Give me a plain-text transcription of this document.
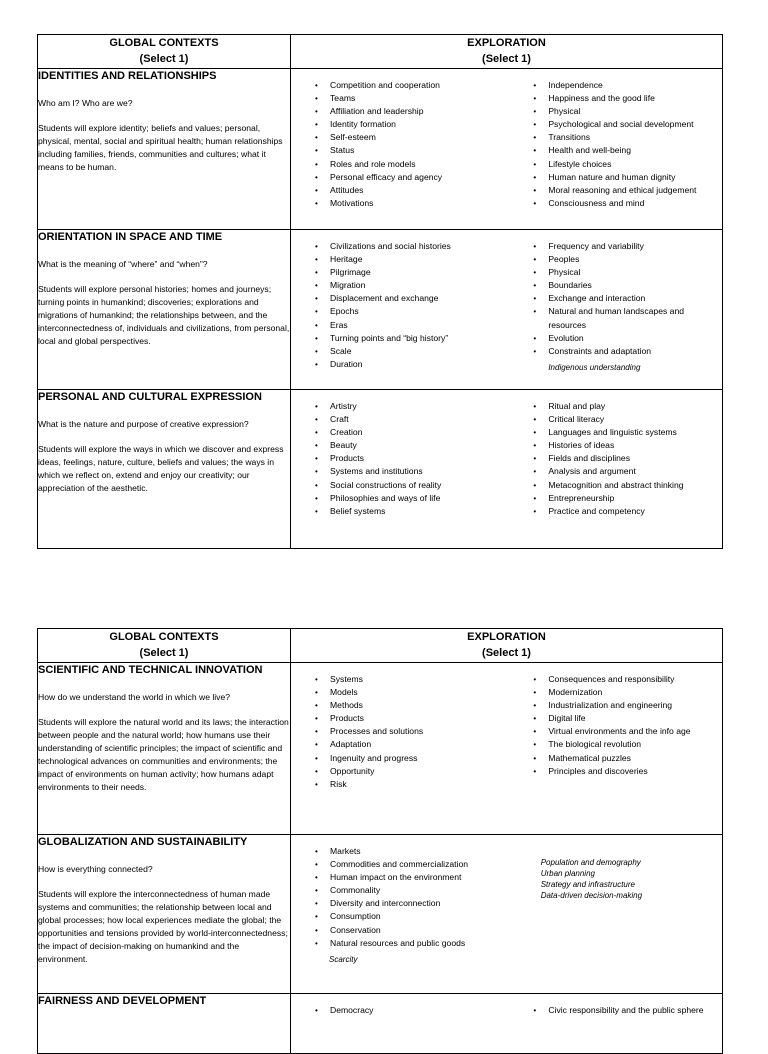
GLOBAL CONTEXTS
(Select 1)

EXPLORATION
(Select 1)

IDENTITIES AND RELATIONSHIPS

Who am I? Who are we?

Students will explore identity; beliefs and values; personal, physical, mental, social and spiritual health; human relationships including families, friends, communities and cultures; what it means to be human.

• Competition and cooperation
• Teams
• Affiliation and leadership
• Identity formation
• Self-esteem
• Status
• Roles and role models
• Personal efficacy and agency
• Attitudes
• Motivations
• Independence
• Happiness and the good life
• Physical
• Psychological and social development
• Transitions
• Health and well-being
• Lifestyle choices
• Human nature and human dignity
• Moral reasoning and ethical judgement
• Consciousness and mind

ORIENTATION IN SPACE AND TIME

What is the meaning of “where” and “when”?

Students will explore personal histories; homes and journeys; turning points in humankind; discoveries; explorations and migrations of humankind; the relationships between, and the interconnectedness of, individuals and civilizations, from personal, local and global perspectives.

• Civilizations and social histories
• Heritage
• Pilgrimage
• Migration
• Displacement and exchange
• Epochs
• Eras
• Turning points and “big history”
• Scale
• Duration
• Frequency and variability
• Peoples
• Physical
• Boundaries
• Exchange and interaction
• Natural and human landscapes and resources
• Evolution
• Constraints and adaptation
Indigenous understanding

PERSONAL AND CULTURAL EXPRESSION

What is the nature and purpose of creative expression?

Students will explore the ways in which we discover and express ideas, feelings, nature, culture, beliefs and values; the ways in which we reflect on, extend and enjoy our creativity; our appreciation of the aesthetic.

• Artistry
• Craft
• Creation
• Beauty
• Products
• Systems and institutions
• Social constructions of reality
• Philosophies and ways of life
• Belief systems
• Ritual and play
• Critical literacy
• Languages and linguistic systems
• Histories of ideas
• Fields and disciplines
• Analysis and argument
• Metacognition and abstract thinking
• Entrepreneurship
• Practice and competency
GLOBAL CONTEXTS
(Select 1)

EXPLORATION
(Select 1)

SCIENTIFIC AND TECHNICAL INNOVATION

How do we understand the world in which we live?

Students will explore the natural world and its laws; the interaction between people and the natural world; how humans use their understanding of scientific principles; the impact of scientific and technological advances on communities and environments; the impact of environments on human activity; how humans adapt environments to their needs.

• Systems
• Models
• Methods
• Products
• Processes and solutions
• Adaptation
• Ingenuity and progress
• Opportunity
• Risk
• Consequences and responsibility
• Modernization
• Industrialization and engineering
• Digital life
• Virtual environments and the info age
• The biological revolution
• Mathematical puzzles
• Principles and discoveries

GLOBALIZATION AND SUSTAINABILITY

How is everything connected?

Students will explore the interconnectedness of human made systems and communities; the relationship between local and global processes; how local experiences mediate the global; the opportunities and tensions provided by world-interconnectedness; the impact of decision-making on humankind and the environment.

• Markets
• Commodities and commercialization
• Human impact on the environment
• Commonality
• Diversity and interconnection
• Consumption
• Conservation
• Natural resources and public goods
Scarcity
Population and demography
Urban planning
Strategy and infrastructure
Data-driven decision-making

FAIRNESS AND DEVELOPMENT

• Democracy
•	Civic responsibility and the public sphere
